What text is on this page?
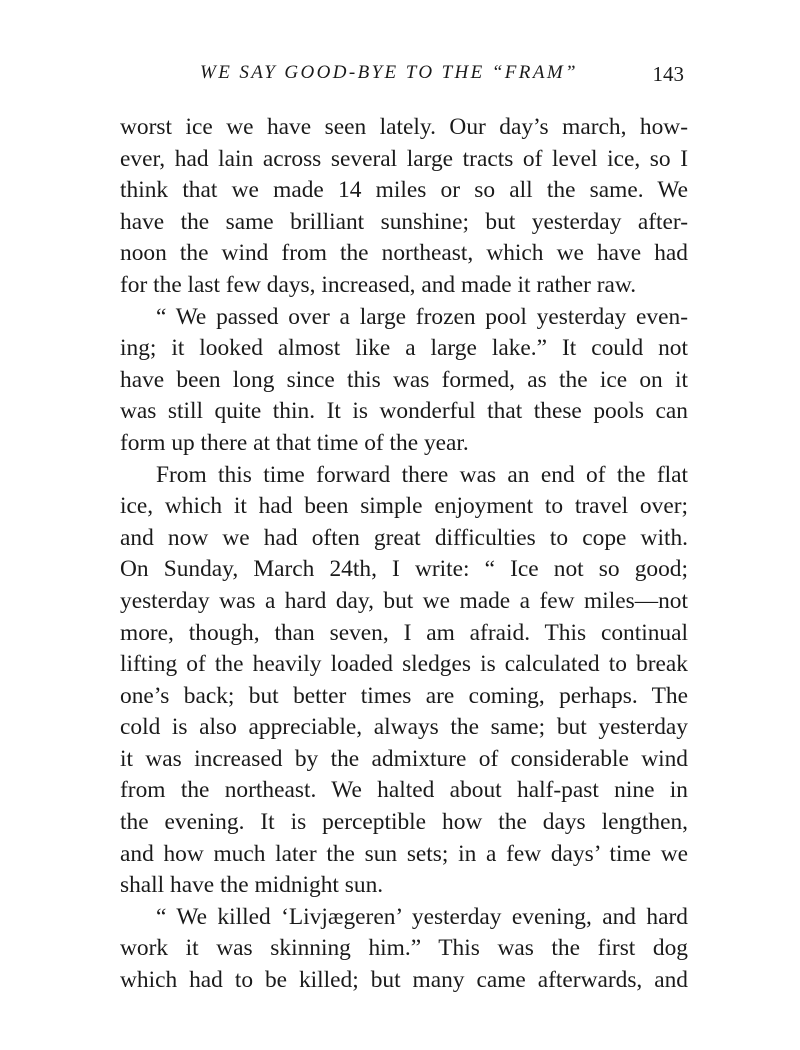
WE SAY GOOD-BYE TO THE “FRAM”	143
worst ice we have seen lately. Our day’s march, how-
ever, had lain across several large tracts of level ice, so I
think that we made 14 miles or so all the same. We
have the same brilliant sunshine; but yesterday after-
noon the wind from the northeast, which we have had
for the last few days, increased, and made it rather raw.
“ We passed over a large frozen pool yesterday even-
ing; it looked almost like a large lake.” It could not
have been long since this was formed, as the ice on it
was still quite thin. It is wonderful that these pools can
form up there at that time of the year.
From this time forward there was an end of the flat
ice, which it had been simple enjoyment to travel over;
and now we had often great difficulties to cope with.
On Sunday, March 24th, I write: “ Ice not so good;
yesterday was a hard day, but we made a few miles—not
more, though, than seven, I am afraid. This continual
lifting of the heavily loaded sledges is calculated to break
one’s back; but better times are coming, perhaps. The
cold is also appreciable, always the same; but yesterday
it was increased by the admixture of considerable wind
from the northeast. We halted about half-past nine in
the evening. It is perceptible how the days lengthen,
and how much later the sun sets; in a few days’ time we
shall have the midnight sun.
“ We killed ‘Livjægeren’ yesterday evening, and hard
work it was skinning him.” This was the first dog
which had to be killed; but many came afterwards, and
